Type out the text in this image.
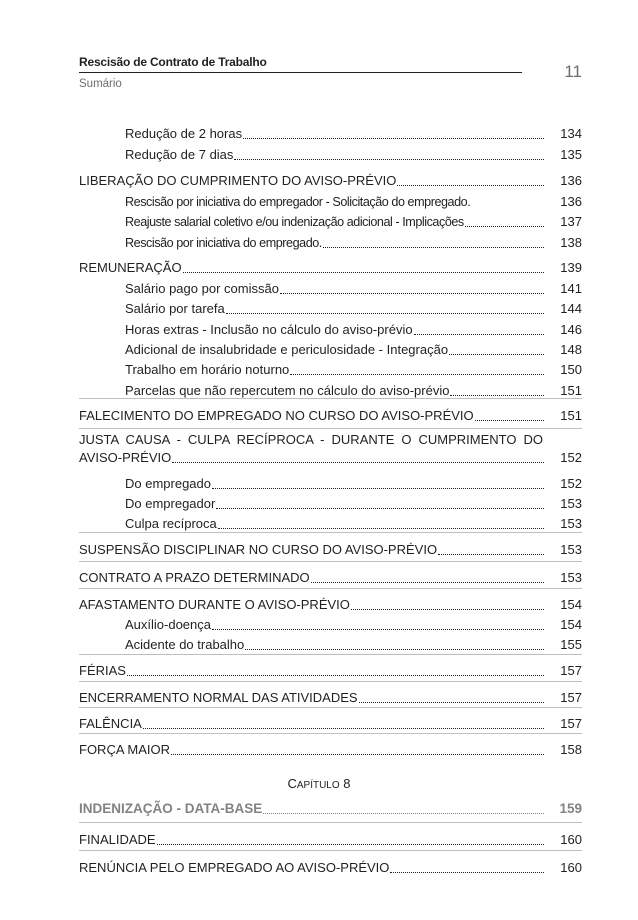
Rescisão de Contrato de Trabalho
Sumário
11
Redução de 2 horas	134
Redução de 7 dias	135
LIBERAÇÃO DO CUMPRIMENTO DO AVISO-PRÉVIO	136
Rescisão por iniciativa do empregador - Solicitação do empregado.	136
Reajuste salarial coletivo e/ou indenização adicional - Implicações	137
Rescisão por iniciativa do empregado.	138
REMUNERAÇÃO	139
Salário pago por comissão	141
Salário por tarefa	144
Horas extras - Inclusão no cálculo do aviso-prévio	146
Adicional de insalubridade e periculosidade - Integração	148
Trabalho em horário noturno	150
Parcelas que não repercutem no cálculo do aviso-prévio	151
FALECIMENTO DO EMPREGADO NO CURSO DO AVISO-PRÉVIO	151
JUSTA CAUSA - CULPA RECÍPROCA - DURANTE O CUMPRIMENTO DO
AVISO-PRÉVIO	152
Do empregado	152
Do empregador	153
Culpa recíproca	153
SUSPENSÃO DISCIPLINAR NO CURSO DO AVISO-PRÉVIO	153
CONTRATO A PRAZO DETERMINADO	153
AFASTAMENTO DURANTE O AVISO-PRÉVIO	154
Auxílio-doença	154
Acidente do trabalho	155
FÉRIAS	157
ENCERRAMENTO NORMAL DAS ATIVIDADES	157
FALÊNCIA	157
FORÇA MAIOR	158
CAPÍTULO 8
INDENIZAÇÃO - DATA-BASE	159
FINALIDADE	160
RENÚNCIA PELO EMPREGADO AO AVISO-PRÉVIO	160
